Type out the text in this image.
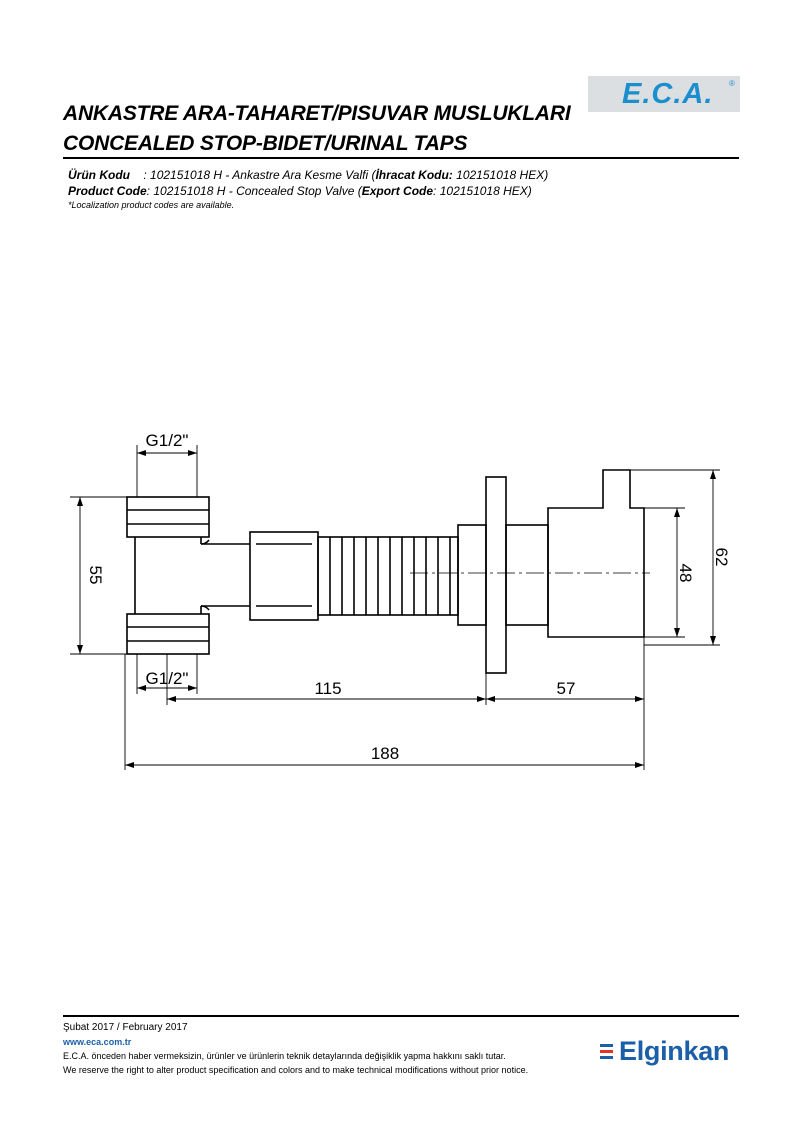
E.C.A.	®
ANKASTRE ARA-TAHARET/PISUVAR MUSLUKLARI
CONCEALED STOP-BIDET/URINAL TAPS
Ürün Kodu    : 102151018 H - Ankastre Ara Kesme Valfi (İhracat Kodu: 102151018 HEX)
Product Code: 102151018 H - Concealed Stop Valve (Export Code: 102151018 HEX)
*Localization product codes are available.
G1/2"
G1/2"
55
115	57
188
48
62
Şubat 2017 / February 2017
www.eca.com.tr
E.C.A. önceden haber vermeksizin, ürünler ve ürünlerin teknik detaylarında değişiklik yapma hakkını saklı tutar.
We reserve the right to alter product specification and colors and to make technical modifications without prior notice.
Elginkan
